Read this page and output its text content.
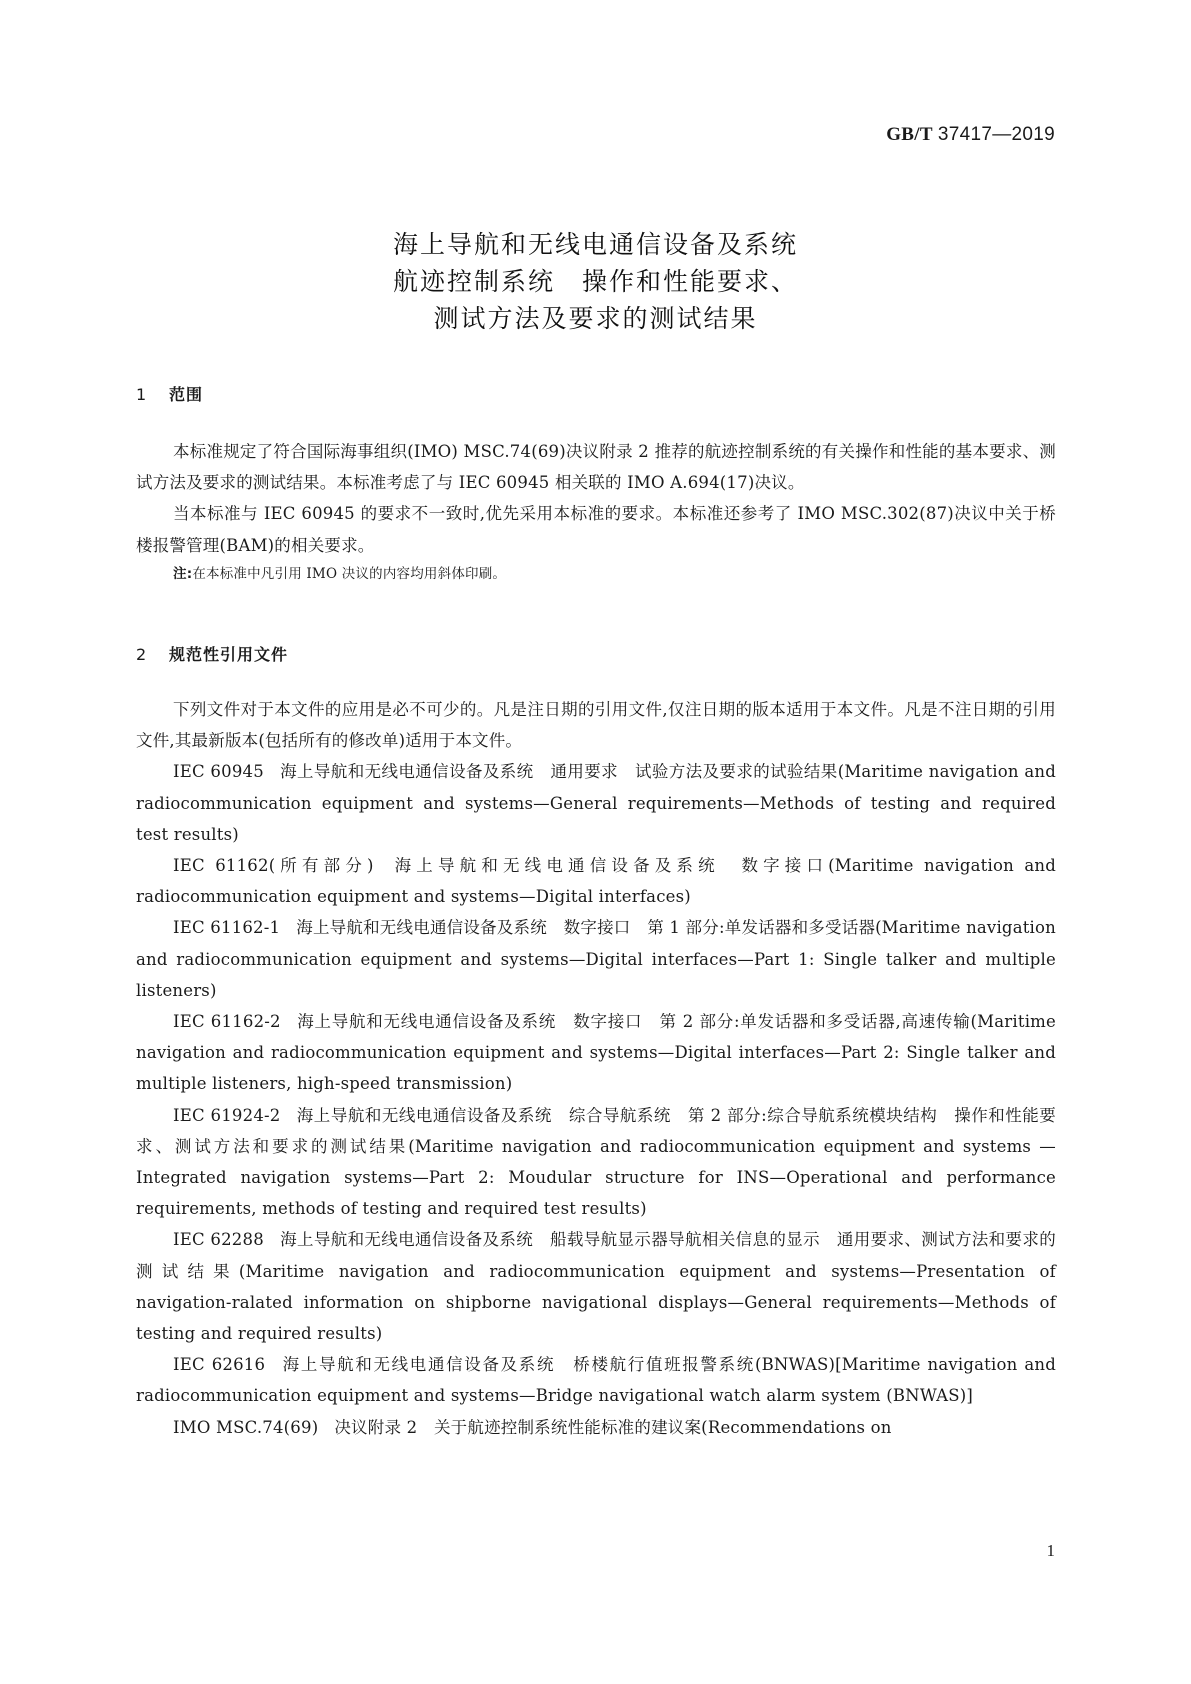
GB/T 37417—2019
海上导航和无线电通信设备及系统
航迹控制系统　操作和性能要求、
测试方法及要求的测试结果
1 范围

本标准规定了符合国际海事组织(IMO) MSC.74(69)决议附录 2 推荐的航迹控制系统的有关操作和性能的基本要求、测试方法及要求的测试结果。本标准考虑了与 IEC 60945 相关联的 IMO A.694(17)决议。

当本标准与 IEC 60945 的要求不一致时,优先采用本标准的要求。本标准还参考了 IMO MSC.302(87)决议中关于桥楼报警管理(BAM)的相关要求。

注:在本标准中凡引用 IMO 决议的内容均用斜体印刷。

2 规范性引用文件

下列文件对于本文件的应用是必不可少的。凡是注日期的引用文件,仅注日期的版本适用于本文件。凡是不注日期的引用文件,其最新版本(包括所有的修改单)适用于本文件。

IEC 60945 海上导航和无线电通信设备及系统　通用要求　试验方法及要求的试验结果(Maritime navigation and radiocommunication equipment and systems—General requirements—Methods of testing and required test results)

IEC 61162(所有部分) 海上导航和无线电通信设备及系统　数字接口(Maritime navigation and radiocommunication equipment and systems—Digital interfaces)

IEC 61162-1 海上导航和无线电通信设备及系统　数字接口　第 1 部分:单发话器和多受话器(Maritime navigation and radiocommunication equipment and systems—Digital interfaces—Part 1: Single talker and multiple listeners)

IEC 61162-2 海上导航和无线电通信设备及系统　数字接口　第 2 部分:单发话器和多受话器,高速传输(Maritime navigation and radiocommunication equipment and systems—Digital interfaces—Part 2: Single talker and multiple listeners, high-speed transmission)

IEC 61924-2 海上导航和无线电通信设备及系统　综合导航系统　第 2 部分:综合导航系统模块结构　操作和性能要求、测试方法和要求的测试结果(Maritime navigation and radiocommunication equipment and systems —Integrated navigation systems—Part 2: Moudular structure for INS—Operational and performance requirements, methods of testing and required test results)

IEC 62288 海上导航和无线电通信设备及系统　船载导航显示器导航相关信息的显示　通用要求、测试方法和要求的测试结果(Maritime navigation and radiocommunication equipment and systems—Presentation of navigation-ralated information on shipborne navigational displays—General requirements—Methods of testing and required results)

IEC 62616 海上导航和无线电通信设备及系统　桥楼航行值班报警系统(BNWAS)[Maritime navigation and radiocommunication equipment and systems—Bridge navigational watch alarm system (BNWAS)]

IMO MSC.74(69) 决议附录 2　关于航迹控制系统性能标准的建议案(Recommendations on

1
